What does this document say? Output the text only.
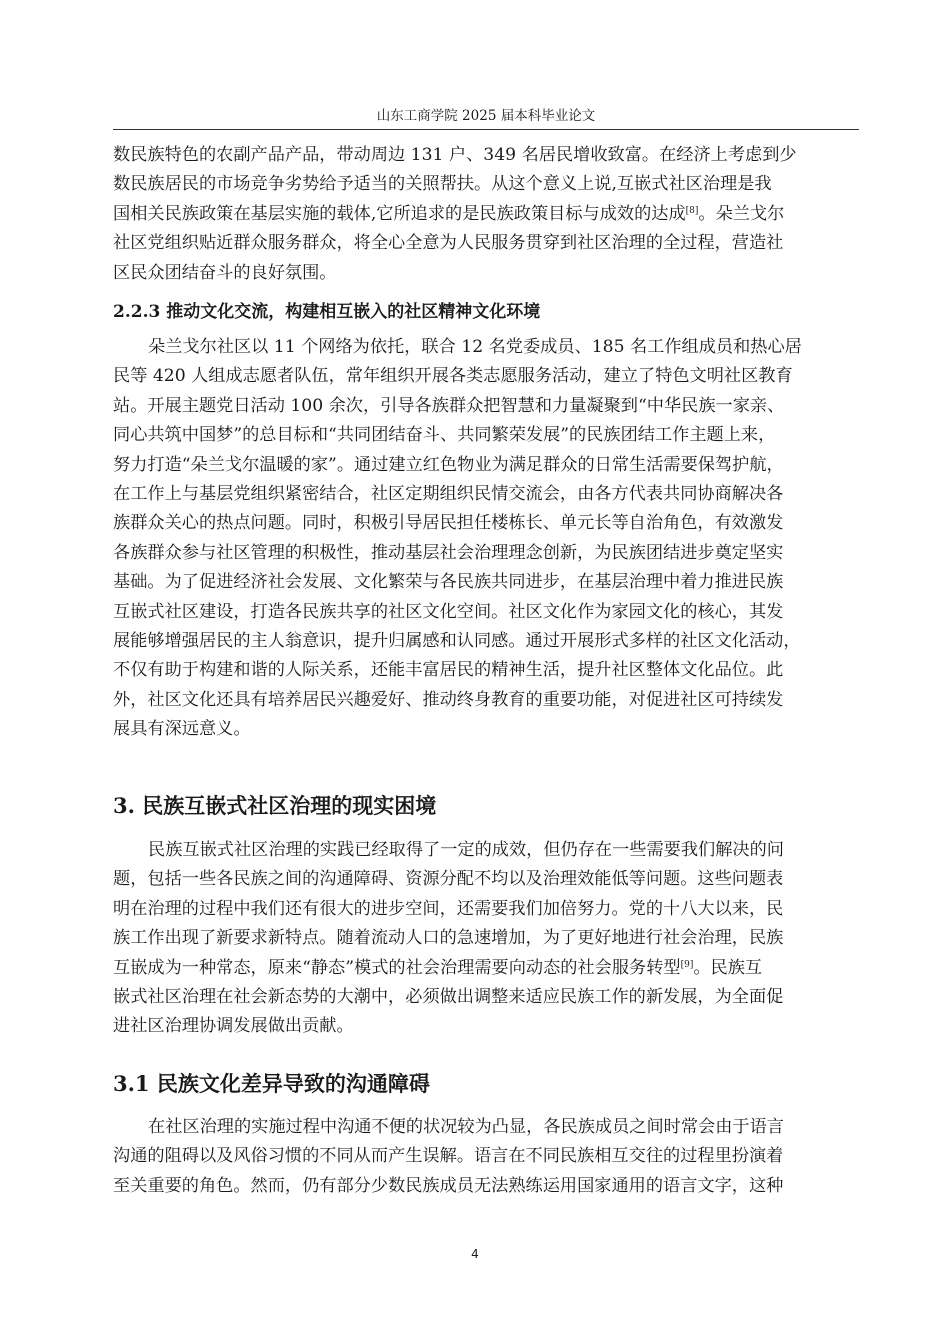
山东工商学院 2025 届本科毕业论文

数民族特色的农副产品产品，带动周边 131 户、349 名居民增收致富。在经济上考虑到少
数民族居民的市场竞争劣势给予适当的关照帮扶。从这个意义上说,互嵌式社区治理是我
国相关民族政策在基层实施的载体,它所追求的是民族政策目标与成效的达成[8]。朵兰戈尔
社区党组织贴近群众服务群众，将全心全意为人民服务贯穿到社区治理的全过程，营造社
区民众团结奋斗的良好氛围。

2.2.3 推动文化交流，构建相互嵌入的社区精神文化环境

朵兰戈尔社区以 11 个网络为依托，联合 12 名党委成员、185 名工作组成员和热心居
民等 420 人组成志愿者队伍，常年组织开展各类志愿服务活动，建立了特色文明社区教育
站。开展主题党日活动 100 余次，引导各族群众把智慧和力量凝聚到“中华民族一家亲、
同心共筑中国梦”的总目标和“共同团结奋斗、共同繁荣发展”的民族团结工作主题上来，
努力打造“朵兰戈尔温暖的家”。通过建立红色物业为满足群众的日常生活需要保驾护航，
在工作上与基层党组织紧密结合，社区定期组织民情交流会，由各方代表共同协商解决各
族群众关心的热点问题。同时，积极引导居民担任楼栋长、单元长等自治角色，有效激发
各族群众参与社区管理的积极性，推动基层社会治理理念创新，为民族团结进步奠定坚实
基础。为了促进经济社会发展、文化繁荣与各民族共同进步，在基层治理中着力推进民族
互嵌式社区建设，打造各民族共享的社区文化空间。社区文化作为家园文化的核心，其发
展能够增强居民的主人翁意识，提升归属感和认同感。通过开展形式多样的社区文化活动，
不仅有助于构建和谐的人际关系，还能丰富居民的精神生活，提升社区整体文化品位。此
外，社区文化还具有培养居民兴趣爱好、推动终身教育的重要功能，对促进社区可持续发
展具有深远意义。

3. 民族互嵌式社区治理的现实困境

民族互嵌式社区治理的实践已经取得了一定的成效，但仍存在一些需要我们解决的问
题，包括一些各民族之间的沟通障碍、资源分配不均以及治理效能低等问题。这些问题表
明在治理的过程中我们还有很大的进步空间，还需要我们加倍努力。党的十八大以来，民
族工作出现了新要求新特点。随着流动人口的急速增加，为了更好地进行社会治理，民族
互嵌成为一种常态，原来“静态”模式的社会治理需要向动态的社会服务转型[9]。民族互
嵌式社区治理在社会新态势的大潮中，必须做出调整来适应民族工作的新发展，为全面促
进社区治理协调发展做出贡献。

3.1 民族文化差异导致的沟通障碍

在社区治理的实施过程中沟通不便的状况较为凸显，各民族成员之间时常会由于语言
沟通的阻碍以及风俗习惯的不同从而产生误解。语言在不同民族相互交往的过程里扮演着
至关重要的角色。然而，仍有部分少数民族成员无法熟练运用国家通用的语言文字，这种

4
